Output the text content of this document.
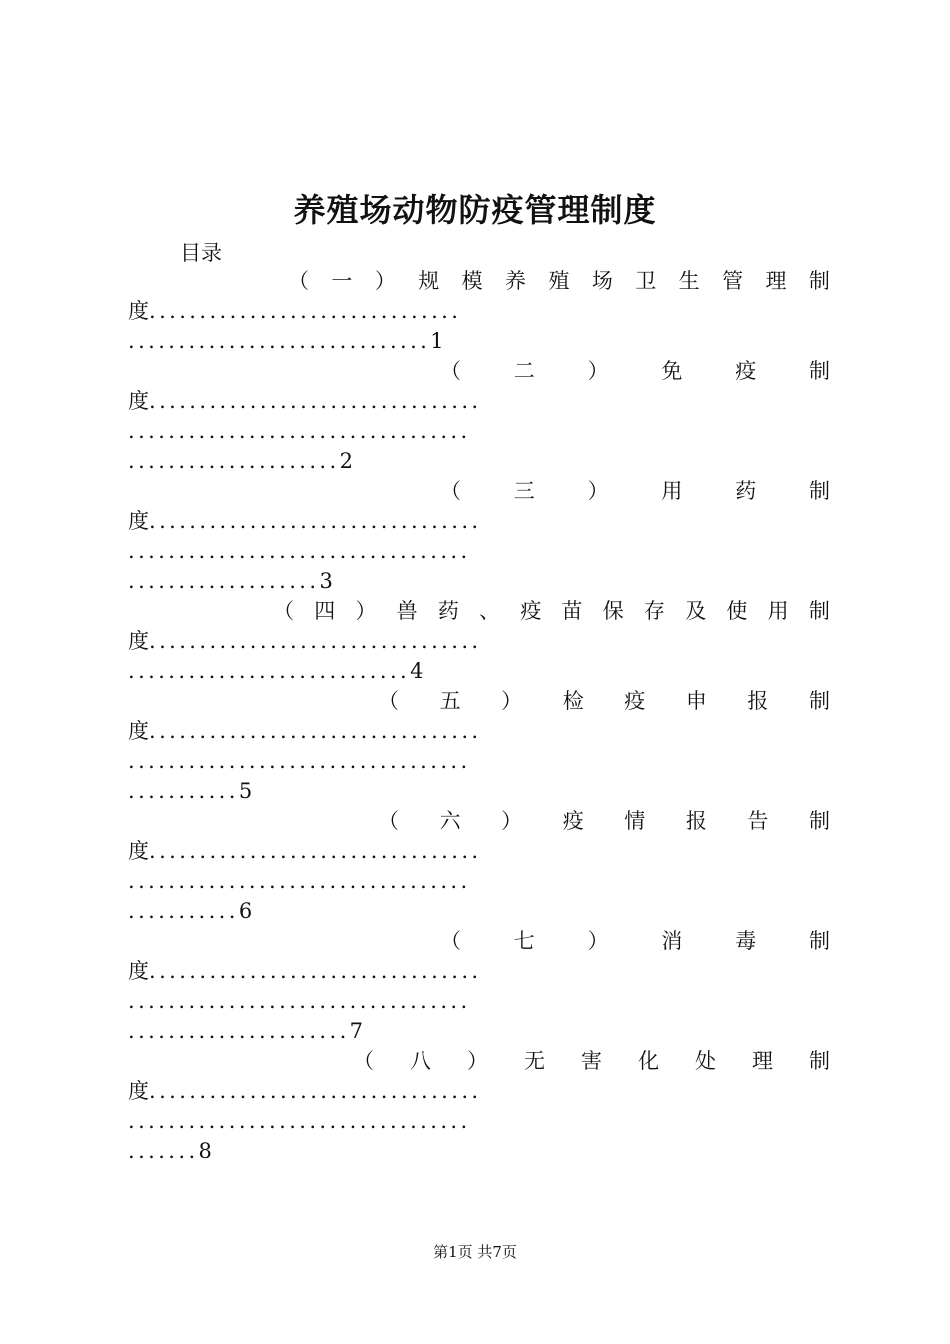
养殖场动物防疫管理制度
目录
（ 一 ） 规 模 养 殖 场 卫 生 管 理 制
度...............................
..............................1
（	二	）	免	疫	制
度.................................
..................................
.....................2
（	三	）	用	药	制
度.................................
..................................
...................3
（ 四 ） 兽 药 、 疫 苗 保 存 及 使 用 制
度.................................
............................4
（ 五 ） 检 疫 申 报 制
度.................................
..................................
...........5
（ 六 ） 疫 情 报 告 制
度.................................
..................................
...........6
（	七	）	消	毒	制
度.................................
..................................
......................7
（ 八 ） 无 害 化 处 理 制
度.................................
..................................
.......8
第1页 共7页
